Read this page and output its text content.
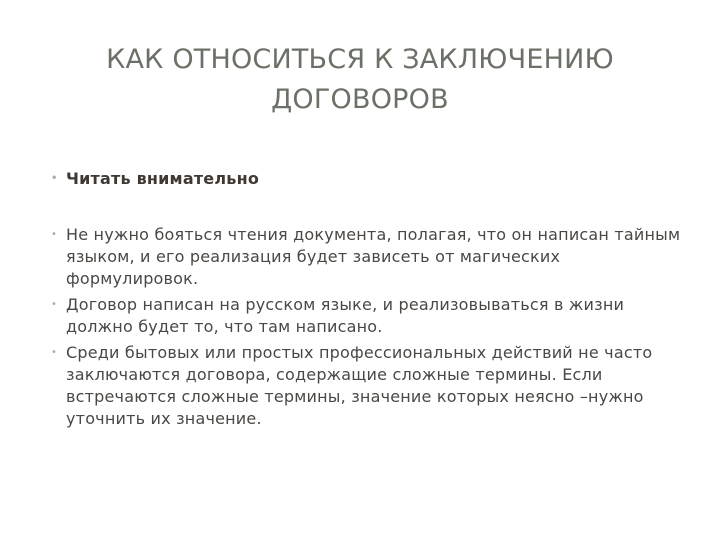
КАК ОТНОСИТЬСЯ К ЗАКЛЮЧЕНИЮ
ДОГОВОРОВ
• Читать внимательно
• Не нужно бояться чтения документа, полагая, что он написан тайным языком, и его реализация будет зависеть от магических формулировок.
• Договор написан на русском языке, и реализовываться в жизни должно будет то, что там написано.
• Среди бытовых или простых профессиональных действий не часто заключаются договора, содержащие сложные термины. Если встречаются сложные термины, значение которых неясно –нужно уточнить их значение.
